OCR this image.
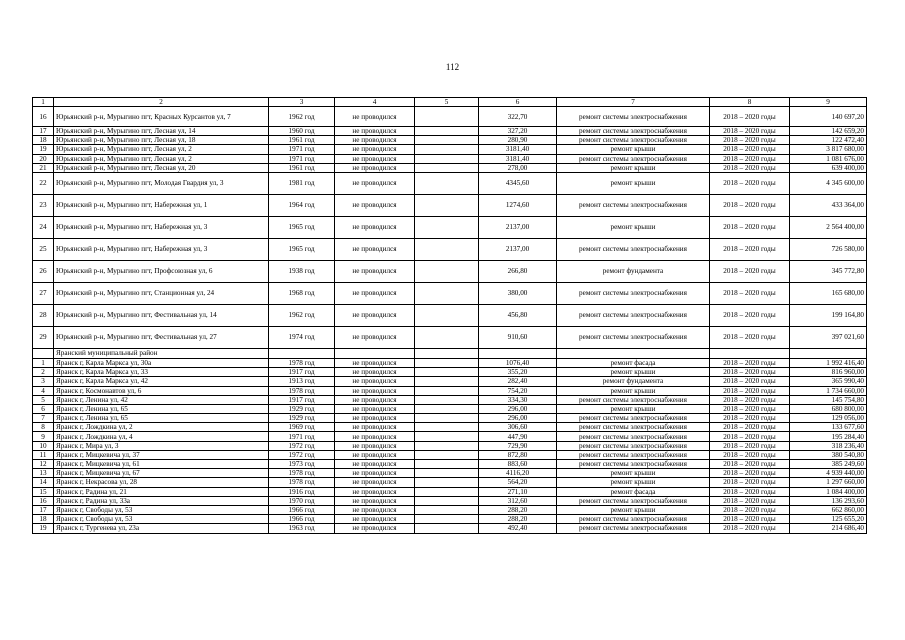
112
1	2	3	4	5	6	7	8	9
16	Юрьянский р-н, Мурыгино пгт, Красных Курсантов ул, 7	1962 год	не проводился		322,70	ремонт системы электроснабжения	2018 – 2020 годы	140 697,20
17	Юрьянский р-н, Мурыгино пгт, Лесная ул, 14	1960 год	не проводился		327,20	ремонт системы электроснабжения	2018 – 2020 годы	142 659,20
18	Юрьянский р-н, Мурыгино пгт, Лесная ул, 18	1961 год	не проводился		280,90	ремонт системы электроснабжения	2018 – 2020 годы	122 472,40
19	Юрьянский р-н, Мурыгино пгт, Лесная ул, 2	1971 год	не проводился		3181,40	ремонт крыши	2018 – 2020 годы	3 817 680,00
20	Юрьянский р-н, Мурыгино пгт, Лесная ул, 2	1971 год	не проводился		3181,40	ремонт системы электроснабжения	2018 – 2020 годы	1 081 676,00
21	Юрьянский р-н, Мурыгино пгт, Лесная ул, 20	1961 год	не проводился		278,00	ремонт крыши	2018 – 2020 годы	639 400,00
22	Юрьянский р-н, Мурыгино пгт, Молодая Гвардия ул, 3	1981 год	не проводился		4345,60	ремонт крыши	2018 – 2020 годы	4 345 600,00
23	Юрьянский р-н, Мурыгино пгт, Набережная ул, 1	1964 год	не проводился		1274,60	ремонт системы электроснабжения	2018 – 2020 годы	433 364,00
24	Юрьянский р-н, Мурыгино пгт, Набережная ул, 3	1965 год	не проводился		2137,00	ремонт крыши	2018 – 2020 годы	2 564 400,00
25	Юрьянский р-н, Мурыгино пгт, Набережная ул, 3	1965 год	не проводился		2137,00	ремонт системы электроснабжения	2018 – 2020 годы	726 580,00
26	Юрьянский р-н, Мурыгино пгт, Профсоюзная ул, 6	1938 год	не проводился		266,80	ремонт фундамента	2018 – 2020 годы	345 772,80
27	Юрьянский р-н, Мурыгино пгт, Станционная ул, 24	1968 год	не проводился		380,00	ремонт системы электроснабжения	2018 – 2020 годы	165 680,00
28	Юрьянский р-н, Мурыгино пгт, Фестивальная ул, 14	1962 год	не проводился		456,80	ремонт системы электроснабжения	2018 – 2020 годы	199 164,80
29	Юрьянский р-н, Мурыгино пгт, Фестивальная ул, 27	1974 год	не проводился		910,60	ремонт системы электроснабжения	2018 – 2020 годы	397 021,60
	Яранский муниципальный район							
1	Яранск г, Карла Маркса ул, 30а	1978 год	не проводился		1076,40	ремонт фасада	2018 – 2020 годы	1 992 416,40
2	Яранск г, Карла Маркса ул, 33	1917 год	не проводился		355,20	ремонт крыши	2018 – 2020 годы	816 960,00
3	Яранск г, Карла Маркса ул, 42	1913 год	не проводился		282,40	ремонт фундамента	2018 – 2020 годы	365 990,40
4	Яранск г, Космонавтов ул, 6	1978 год	не проводился		754,20	ремонт крыши	2018 – 2020 годы	1 734 660,00
5	Яранск г, Ленина ул, 42	1917 год	не проводился		334,30	ремонт системы электроснабжения	2018 – 2020 годы	145 754,80
6	Яранск г, Ленина ул, 65	1929 год	не проводился		296,00	ремонт крыши	2018 – 2020 годы	680 800,00
7	Яранск г, Ленина ул, 65	1929 год	не проводился		296,00	ремонт системы электроснабжения	2018 – 2020 годы	129 056,00
8	Яранск г, Лождкина ул, 2	1969 год	не проводился		306,60	ремонт системы электроснабжения	2018 – 2020 годы	133 677,60
9	Яранск г, Лождкина ул, 4	1971 год	не проводился		447,90	ремонт системы электроснабжения	2018 – 2020 годы	195 284,40
10	Яранск г, Мира ул, 3	1972 год	не проводился		729,90	ремонт системы электроснабжения	2018 – 2020 годы	318 236,40
11	Яранск г, Мицкевича ул, 37	1972 год	не проводился		872,80	ремонт системы электроснабжения	2018 – 2020 годы	380 540,80
12	Яранск г, Мицкевича ул, 61	1973 год	не проводился		883,60	ремонт системы электроснабжения	2018 – 2020 годы	385 249,60
13	Яранск г, Мицкевича ул, 67	1978 год	не проводился		4116,20	ремонт крыши	2018 – 2020 годы	4 939 440,00
14	Яранск г, Некрасова ул, 28	1978 год	не проводился		564,20	ремонт крыши	2018 – 2020 годы	1 297 660,00
15	Яранск г, Радина ул, 21	1916 год	не проводился		271,10	ремонт фасада	2018 – 2020 годы	1 084 400,00
16	Яранск г, Радина ул, 33а	1970 год	не проводился		312,60	ремонт системы электроснабжения	2018 – 2020 годы	136 293,60
17	Яранск г, Свободы ул, 53	1966 год	не проводился		288,20	ремонт крыши	2018 – 2020 годы	662 860,00
18	Яранск г, Свободы ул, 53	1966 год	не проводился		288,20	ремонт системы электроснабжения	2018 – 2020 годы	125 655,20
19	Яранск г, Тургенева ул, 23а	1963 год	не проводился		492,40	ремонт системы электроснабжения	2018 – 2020 годы	214 686,40
